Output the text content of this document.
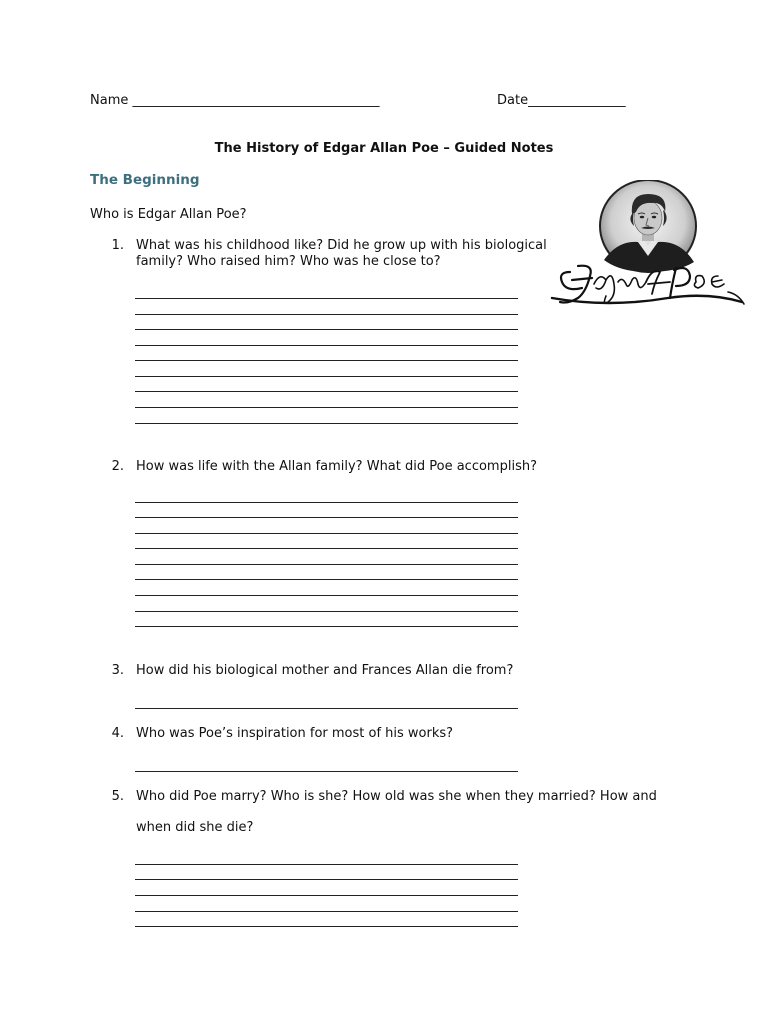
Name ______________________________________	Date_______________
The History of Edgar Allan Poe – Guided Notes
The Beginning
Who is Edgar Allan Poe?
1. What was his childhood like? Did he grow up with his biological
family? Who raised him? Who was he close to?
2. How was life with the Allan family? What did Poe accomplish?
3. How did his biological mother and Frances Allan die from?
4. Who was Poe’s inspiration for most of his works?
5. Who did Poe marry? Who is she? How old was she when they married? How and
when did she die?
